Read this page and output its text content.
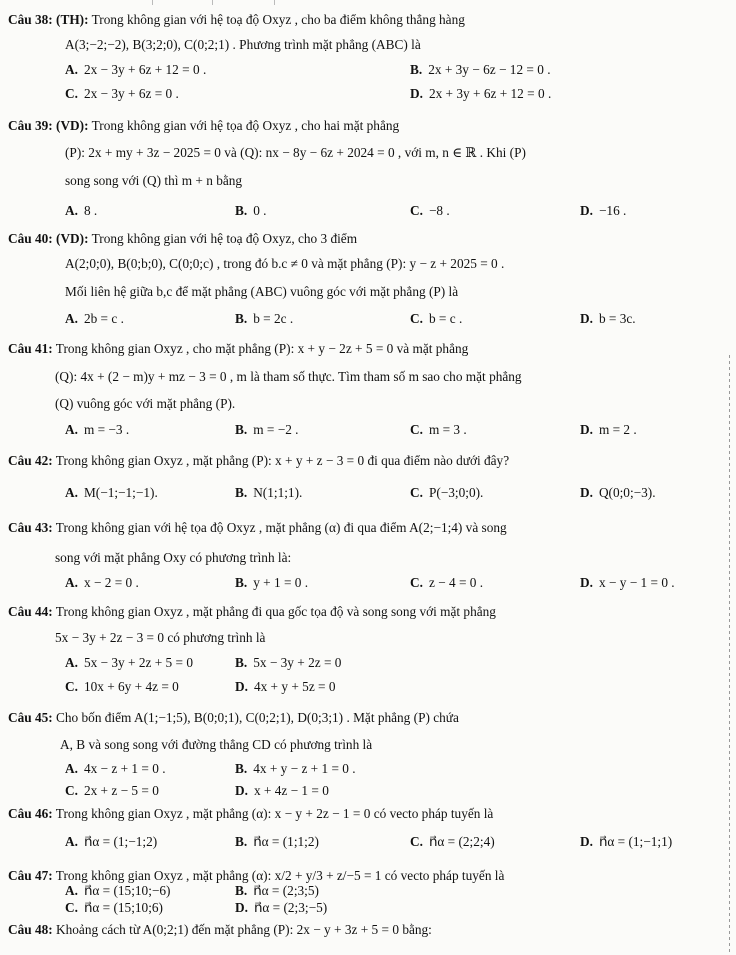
Câu 38: (TH): Trong không gian với hệ toạ độ Oxyz , cho ba điểm không thẳng hàng
A(3;−2;−2), B(3;2;0), C(0;2;1) . Phương trình mặt phẳng (ABC) là
A. 2x − 3y + 6z + 12 = 0 .	B. 2x + 3y − 6z − 12 = 0 .
C. 2x − 3y + 6z = 0 .	D. 2x + 3y + 6z + 12 = 0 .
Câu 39: (VD): Trong không gian với hệ tọa độ Oxyz , cho hai mặt phẳng
(P): 2x + my + 3z − 2025 = 0 và (Q): nx − 8y − 6z + 2024 = 0 , với m, n ∈ ℝ . Khi (P)
song song với (Q) thì m + n bằng
A. 8 .	B. 0 .	C. −8 .	D. −16 .
Câu 40: (VD): Trong không gian với hệ toạ độ Oxyz, cho 3 điểm
A(2;0;0), B(0;b;0), C(0;0;c) , trong đó b.c ≠ 0 và mặt phẳng (P): y − z + 2025 = 0 .
Mối liên hệ giữa b,c để mặt phẳng (ABC) vuông góc với mặt phẳng (P) là
A. 2b = c .	B. b = 2c .	C. b = c .	D. b = 3c.
Câu 41: Trong không gian Oxyz , cho mặt phẳng (P): x + y − 2z + 5 = 0 và mặt phẳng
(Q): 4x + (2 − m)y + mz − 3 = 0 , m là tham số thực. Tìm tham số m sao cho mặt phẳng
(Q) vuông góc với mặt phẳng (P).
A. m = −3 .	B. m = −2 .	C. m = 3 .	D. m = 2 .
Câu 42: Trong không gian Oxyz , mặt phẳng (P): x + y + z − 3 = 0 đi qua điểm nào dưới đây?
A. M(−1;−1;−1).	B. N(1;1;1).	C. P(−3;0;0).	D. Q(0;0;−3).
Câu 43: Trong không gian với hệ tọa độ Oxyz , mặt phẳng (α) đi qua điểm A(2;−1;4) và song
song với mặt phẳng Oxy có phương trình là:
A. x − 2 = 0 .	B. y + 1 = 0 .	C. z − 4 = 0 .	D. x − y − 1 = 0 .
Câu 44: Trong không gian Oxyz , mặt phẳng đi qua gốc tọa độ và song song với mặt phẳng
5x − 3y + 2z − 3 = 0 có phương trình là
A. 5x − 3y + 2z + 5 = 0	B. 5x − 3y + 2z = 0
C. 10x + 6y + 4z = 0	D. 4x + y + 5z = 0
Câu 45: Cho bốn điểm A(1;−1;5), B(0;0;1), C(0;2;1), D(0;3;1) . Mặt phẳng (P) chứa
A, B và song song với đường thẳng CD có phương trình là
A. 4x − z + 1 = 0 .	B. 4x + y − z + 1 = 0 .
C. 2x + z − 5 = 0	D. x + 4z − 1 = 0
Câu 46: Trong không gian Oxyz , mặt phẳng (α): x − y + 2z − 1 = 0 có vecto pháp tuyến là
A. n⃗α = (1;−1;2)	B. n⃗α = (1;1;2)	C. n⃗α = (2;2;4)	D. n⃗α = (1;−1;1)
Câu 47: Trong không gian Oxyz , mặt phẳng (α): x/2 + y/3 + z/−5 = 1 có vecto pháp tuyến là
A. n⃗α = (15;10;−6)	B. n⃗α = (2;3;5)
C. n⃗α = (15;10;6)	D. n⃗α = (2;3;−5)
Câu 48: Khoảng cách từ A(0;2;1) đến mặt phẳng (P): 2x − y + 3z + 5 = 0 bằng:
